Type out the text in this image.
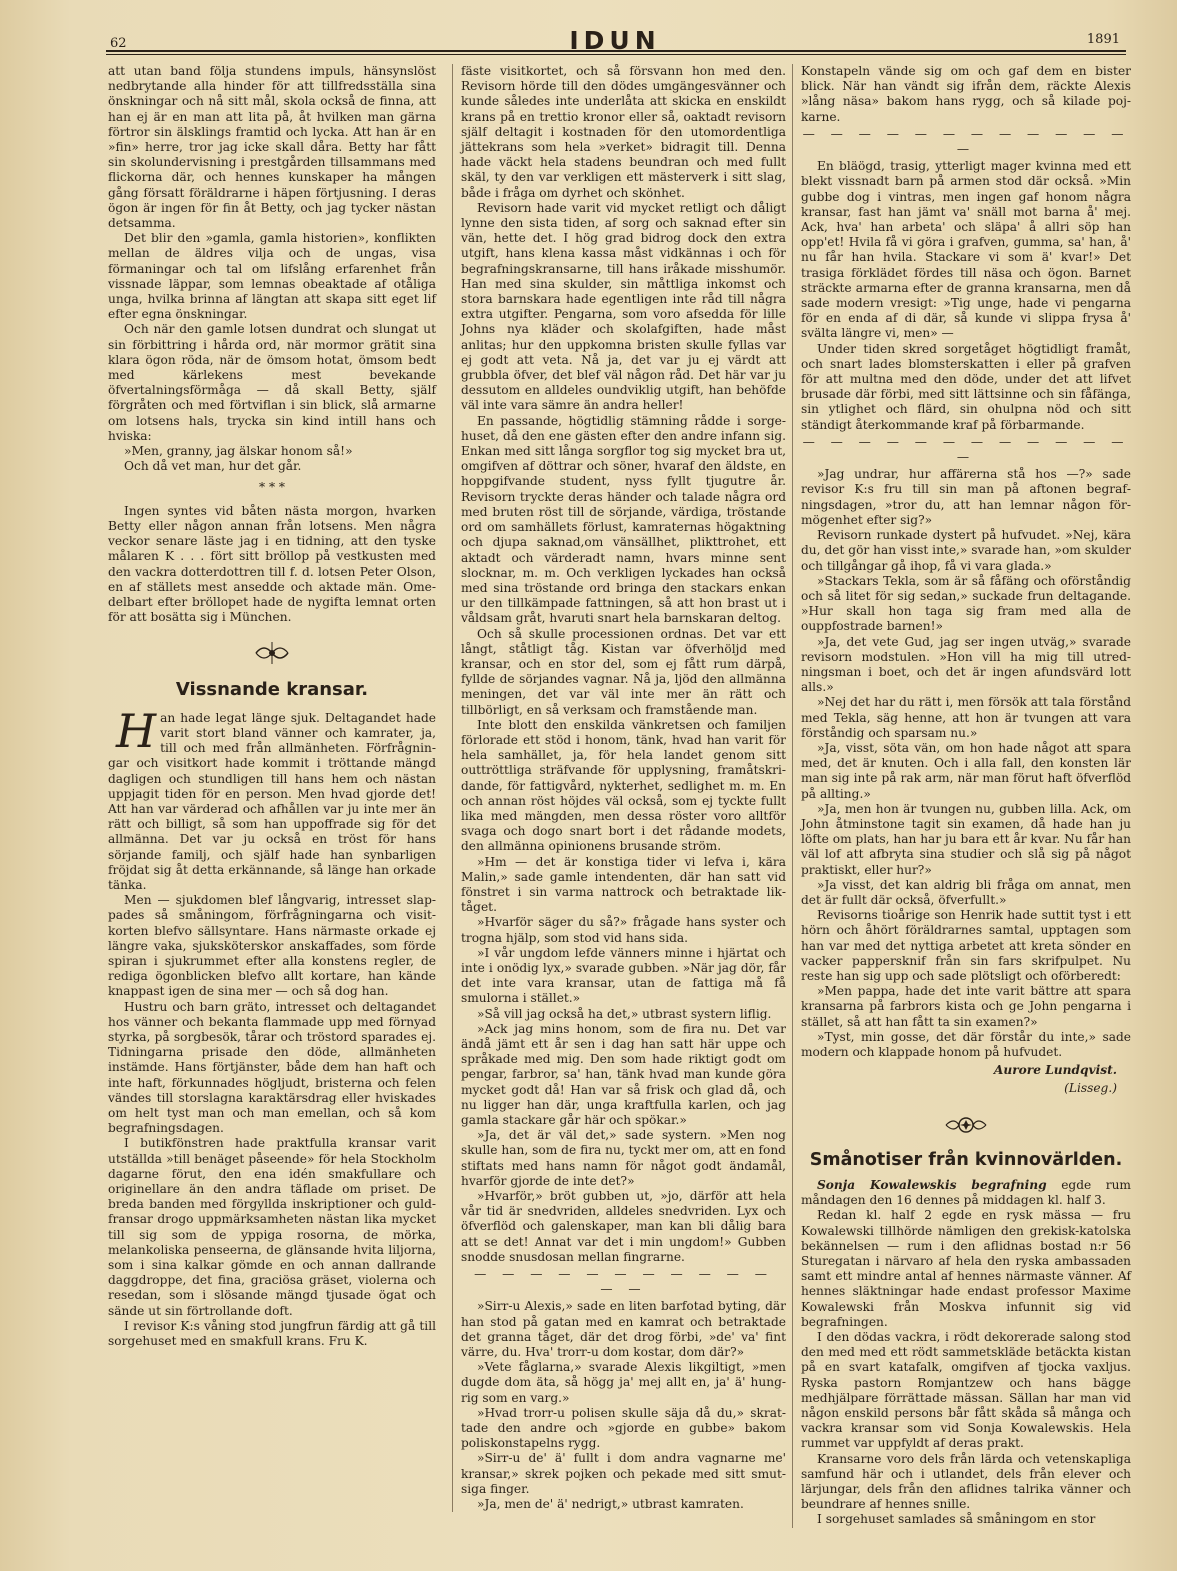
62	IDUN	1891

att utan band följa stundens impuls, hänsynslöst nedbrytande alla hinder för att tillfredsställa sina önskningar och nå sitt mål, skola också de finna, att han ej är en man att lita på, åt hvilken man gärna förtror sin älsklings framtid och lycka. Att han är en »fin» herre, tror jag icke skall dåra. Betty har fått sin skolundervisning i prestgården tillsammans med flickorna där, och hennes kunskaper ha mången gång försatt föräldrarne i häpen förtjusning. I deras ögon är ingen för fin åt Betty, och jag tycker nästan detsamma.

Det blir den »gamla, gamla historien», konflikten mellan de äldres vilja och de ungas, visa förmaningar och tal om lifslång erfarenhet från vissnade läppar, som lemnas obeaktade af otåliga unga, hvilka brinna af längtan att skapa sitt eget lif efter egna önskningar.

Och när den gamle lotsen dundrat och slungat ut sin förbittring i hårda ord, när mormor grätit sina klara ögon röda, när de ömsom hotat, ömsom bedt med kärlekens mest bevekande öfvertalningsförmåga — då skall Betty, själf förgråten och med förtviflan i sin blick, slå armarne om lotsens hals, trycka sin kind intill hans och hviska:

»Men, granny, jag älskar honom så!»

Och då vet man, hur det går.

* * *

Ingen syntes vid båten nästa morgon, hvarken Betty eller någon annan från lotsens. Men några veckor senare läste jag i en tidning, att den tyske målaren K . . . fört sitt bröllop på vestkusten med den vackra dotterdottren till f. d. lotsen Peter Olson, en af ställets mest ansedde och aktade män. Omedelbart efter bröllopet hade de nygifta lemnat orten för att bosätta sig i München.

Vissnande kransar.

Han hade legat länge sjuk. Deltagandet hade varit stort bland vänner och kamrater, ja, till och med från allmänheten. Förfrågningar och visitkort hade kommit i tröttande mängd dagligen och stundligen till hans hem och nästan uppjagit tiden för en person. Men hvad gjorde det! Att han var värderad och afhållen var ju inte mer än rätt och billigt, så som han uppoffrade sig för det allmänna. Det var ju också en tröst för hans sörjande familj, och själf hade han synbarligen fröjdat sig åt detta erkännande, så länge han orkade tänka.

Men — sjukdomen blef långvarig, intresset slappades så småningom, förfrågningarna och visitkorten blefvo sällsyntare. Hans närmaste orkade ej längre vaka, sjuksköterskor anskaffades, som förde spiran i sjukrummet efter alla konstens regler, de rediga ögonblicken blefvo allt kortare, han kände knappast igen de sina mer — och så dog han.

Hustru och barn gräto, intresset och deltagandet hos vänner och bekanta flammade upp med förnyad styrka, på sorgbesök, tårar och tröstord sparades ej. Tidningarna prisade den döde, allmänheten instämde. Hans förtjänster, både dem han haft och inte haft, förkunnades högljudt, bristerna och felen vändes till storslagna karaktärsdrag eller hviskades om helt tyst man och man emellan, och så kom begrafningsdagen.

I butikfönstren hade praktfulla kransar varit utställda »till benäget påseende» för hela Stockholm dagarne förut, den ena idén smakfullare och originellare än den andra täflade om priset. De breda banden med förgyllda inskriptioner och guldfransar drogo uppmärksamheten nästan lika mycket till sig som de yppiga rosorna, de mörka, melankoliska penseerna, de glänsande hvita liljorna, som i sina kalkar gömde en och annan dallrande daggdroppe, det fina, graciösa gräset, violerna och resedan, som i slösande mängd tjusade ögat och sände ut sin förtrollande doft.

I revisor K:s våning stod jungfrun färdig att gå till sorgehuset med en smakfull krans. Fru K.

fäste visitkortet, och så försvann hon med den. Revisorn hörde till den dödes umgängesvänner och kunde således inte underlåta att skicka en enskildt krans på en trettio kronor eller så, oaktadt revisorn själf deltagit i kostnaden för den utomordentliga jättekrans som hela »verket» bidragit till. Denna hade väckt hela stadens beundran och med fullt skäl, ty den var verkligen ett mästerverk i sitt slag, både i fråga om dyrhet och skönhet.

Revisorn hade varit vid mycket retligt och dåligt lynne den sista tiden, af sorg och saknad efter sin vän, hette det. I hög grad bidrog dock den extra utgift, hans klena kassa måst vidkännas i och för begrafningskransarne, till hans iråkade misshumör. Han med sina skulder, sin måttliga inkomst och stora barnskara hade egentligen inte råd till några extra utgifter. Pengarna, som voro afsedda för lille Johns nya kläder och skolafgiften, hade måst anlitas; hur den uppkomna bristen skulle fyllas var ej godt att veta. Nå ja, det var ju ej värdt att grubbla öfver, det blef väl någon råd. Det här var ju dessutom en alldeles oundviklig utgift, han behöfde väl inte vara sämre än andra heller!

En passande, högtidlig stämning rådde i sorgehuset, då den ene gästen efter den andre infann sig. Enkan med sitt långa sorgflor tog sig mycket bra ut, omgifven af döttrar och söner, hvaraf den äldste, en hoppgifvande student, nyss fyllt tjugutre år. Revisorn tryckte deras händer och talade några ord med bruten röst till de sörjande, värdiga, tröstande ord om samhällets förlust, kamraternas högaktning och djupa saknad,om vänsällhet, plikttrohet, ett aktadt och värderadt namn, hvars minne sent slocknar, m. m. Och verkligen lyckades han också med sina tröstande ord bringa den stackars enkan ur den tillkämpade fattningen, så att hon brast ut i våldsam gråt, hvaruti snart hela barnskaran deltog.

Och så skulle processionen ordnas. Det var ett långt, ståtligt tåg. Kistan var öfverhöljd med kransar, och en stor del, som ej fått rum därpå, fyllde de sörjandes vagnar. Nå ja, ljöd den allmänna meningen, det var väl inte mer än rätt och tillbörligt, en så verksam och framstående man.

Inte blott den enskilda vänkretsen och familjen förlorade ett stöd i honom, tänk, hvad han varit för hela samhället, ja, för hela landet genom sitt outtröttliga sträfvande för upplysning, framåtskridande, för fattigvård, nykterhet, sedlighet m. m. En och annan röst höjdes väl också, som ej tyckte fullt lika med mängden, men dessa röster voro alltför svaga och dogo snart bort i det rådande modets, den allmänna opinionens brusande ström.

»Hm — det är konstiga tider vi lefva i, kära Malin,» sade gamle intendenten, där han satt vid fönstret i sin varma nattrock och betraktade liktåget.

»Hvarför säger du så?» frågade hans syster och trogna hjälp, som stod vid hans sida.

»I vår ungdom lefde vänners minne i hjärtat och inte i onödig lyx,» svarade gubben. »När jag dör, får det inte vara kransar, utan de fattiga må få smulorna i stället.»

»Så vill jag också ha det,» utbrast systern liflig.

»Ack jag mins honom, som de fira nu. Det var ändå jämt ett år sen i dag han satt här uppe och språkade med mig. Den som hade riktigt godt om pengar, farbror, sa' han, tänk hvad man kunde göra mycket godt då! Han var så frisk och glad då, och nu ligger han där, unga kraftfulla karlen, och jag gamla stackare går här och spökar.»

»Ja, det är väl det,» sade systern. »Men nog skulle han, som de fira nu, tyckt mer om, att en fond stiftats med hans namn för något godt ändamål, hvarför gjorde de inte det?»

»Hvarför,» bröt gubben ut, »jo, därför att hela vår tid är snedvriden, alldeles snedvriden. Lyx och öfverflöd och galenskaper, man kan bli dålig bara att se det! Annat var det i min ungdom!» Gubben snodde snusdosan mellan fingrarne.

— — — — — — — — — — — — —

»Sirr-u Alexis,» sade en liten barfotad byting, där han stod på gatan med en kamrat och betraktade det granna tåget, där det drog förbi, »de' va' fint värre, du. Hva' trorr-u dom kostar, dom där?»

»Vete fåglarna,» svarade Alexis likgiltigt, »men dugde dom äta, så högg ja' mej allt en, ja' ä' hungrig som en varg.»

»Hvad trorr-u polisen skulle säja då du,» skrattade den andre och »gjorde en gubbe» bakom poliskonstapelns rygg.

»Sirr-u de' ä' fullt i dom andra vagnarne me' kransar,» skrek pojken och pekade med sitt smutsiga finger.

»Ja, men de' ä' nedrigt,» utbrast kamraten.

Konstapeln vände sig om och gaf dem en bister blick. När han vändt sig ifrån dem, räckte Alexis »lång näsa» bakom hans rygg, och så kilade pojkarne.

— — — — — — — — — — — — —

En bläögd, trasig, ytterligt mager kvinna med ett blekt vissnadt barn på armen stod där också. »Min gubbe dog i vintras, men ingen gaf honom några kransar, fast han jämt va' snäll mot barna å' mej. Ack, hva' han arbeta' och släpa' å allri söp han opp'et! Hvila få vi göra i grafven, gumma, sa' han, å' nu får han hvila. Stackare vi som ä' kvar!» Det trasiga förklädet fördes till näsa och ögon. Barnet sträckte armarna efter de granna kransarna, men då sade modern vresigt: »Tig unge, hade vi pengarna för en enda af di där, så kunde vi slippa frysa å' svälta längre vi, men» —

Under tiden skred sorgetåget högtidligt framåt, och snart lades blomsterskatten i eller på grafven för att multna med den döde, under det att lifvet brusade där förbi, med sitt lättsinne och sin fåfänga, sin ytlighet och flärd, sin ohulpna nöd och sitt ständigt återkommande kraf på förbarmande.

— — — — — — — — — — — — —

»Jag undrar, hur affärerna stå hos —?» sade revisor K:s fru till sin man på aftonen begrafningsdagen, »tror du, att han lemnar någon förmögenhet efter sig?»

Revisorn runkade dystert på hufvudet. »Nej, kära du, det gör han visst inte,» svarade han, »om skulder och tillgångar gå ihop, få vi vara glada.»

»Stackars Tekla, som är så fåfäng och oförståndig och så litet för sig sedan,» suckade frun deltagande. »Hur skall hon taga sig fram med alla de ouppfostrade barnen!»

»Ja, det vete Gud, jag ser ingen utväg,» svarade revisorn modstulen. »Hon vill ha mig till utredningsman i boet, och det är ingen afundsvärd lott alls.»

»Nej det har du rätt i, men försök att tala förstånd med Tekla, säg henne, att hon är tvungen att vara förståndig och sparsam nu.»

»Ja, visst, söta vän, om hon hade något att spara med, det är knuten. Och i alla fall, den konsten lär man sig inte på rak arm, när man förut haft öfverflöd på allting.»

»Ja, men hon är tvungen nu, gubben lilla. Ack, om John åtminstone tagit sin examen, då hade han ju löfte om plats, han har ju bara ett år kvar. Nu får han väl lof att afbryta sina studier och slå sig på något praktiskt, eller hur?»

»Ja visst, det kan aldrig bli fråga om annat, men det är fullt där också, öfverfullt.»

Revisorns tioårige son Henrik hade suttit tyst i ett hörn och åhört föräldrarnes samtal, upptagen som han var med det nyttiga arbetet att kreta sönder en vacker pappersknif från sin fars skrifpulpet. Nu reste han sig upp och sade plötsligt och oförberedt:

»Men pappa, hade det inte varit bättre att spara kransarna på farbrors kista och ge John pengarna i stället, så att han fått ta sin examen?»

»Tyst, min gosse, det där förstår du inte,» sade modern och klappade honom på hufvudet.

Aurore Lundqvist.
(Lisseg.)
Smånotiser från kvinnovärlden.

Sonja Kowalewskis begrafning egde rum måndagen den 16 dennes på middagen kl. half 3.

Redan kl. half 2 egde en rysk mässa — fru Kowalewski tillhörde nämligen den grekisk-katolska bekännelsen — rum i den aflidnas bostad n:r 56 Sturegatan i närvaro af hela den ryska ambassaden samt ett mindre antal af hennes närmaste vänner. Af hennes släktningar hade endast professor Maxime Kowalewski från Moskva infunnit sig vid begrafningen.

I den dödas vackra, i rödt dekorerade salong stod den med med ett rödt sammetskläde betäckta kistan på en svart katafalk, omgifven af tjocka vaxljus. Ryska pastorn Romjantzew och hans bägge medhjälpare förrättade mässan. Sällan har man vid någon enskild persons bår fått skåda så många och vackra kransar som vid Sonja Kowalewskis. Hela rummet var uppfyldt af deras prakt.

Kransarne voro dels från lärda och vetenskapliga samfund här och i utlandet, dels från elever och lärjungar, dels från den aflidnes talrika vänner och beundrare af hennes snille.

I sorgehuset samlades så småningom en stor
